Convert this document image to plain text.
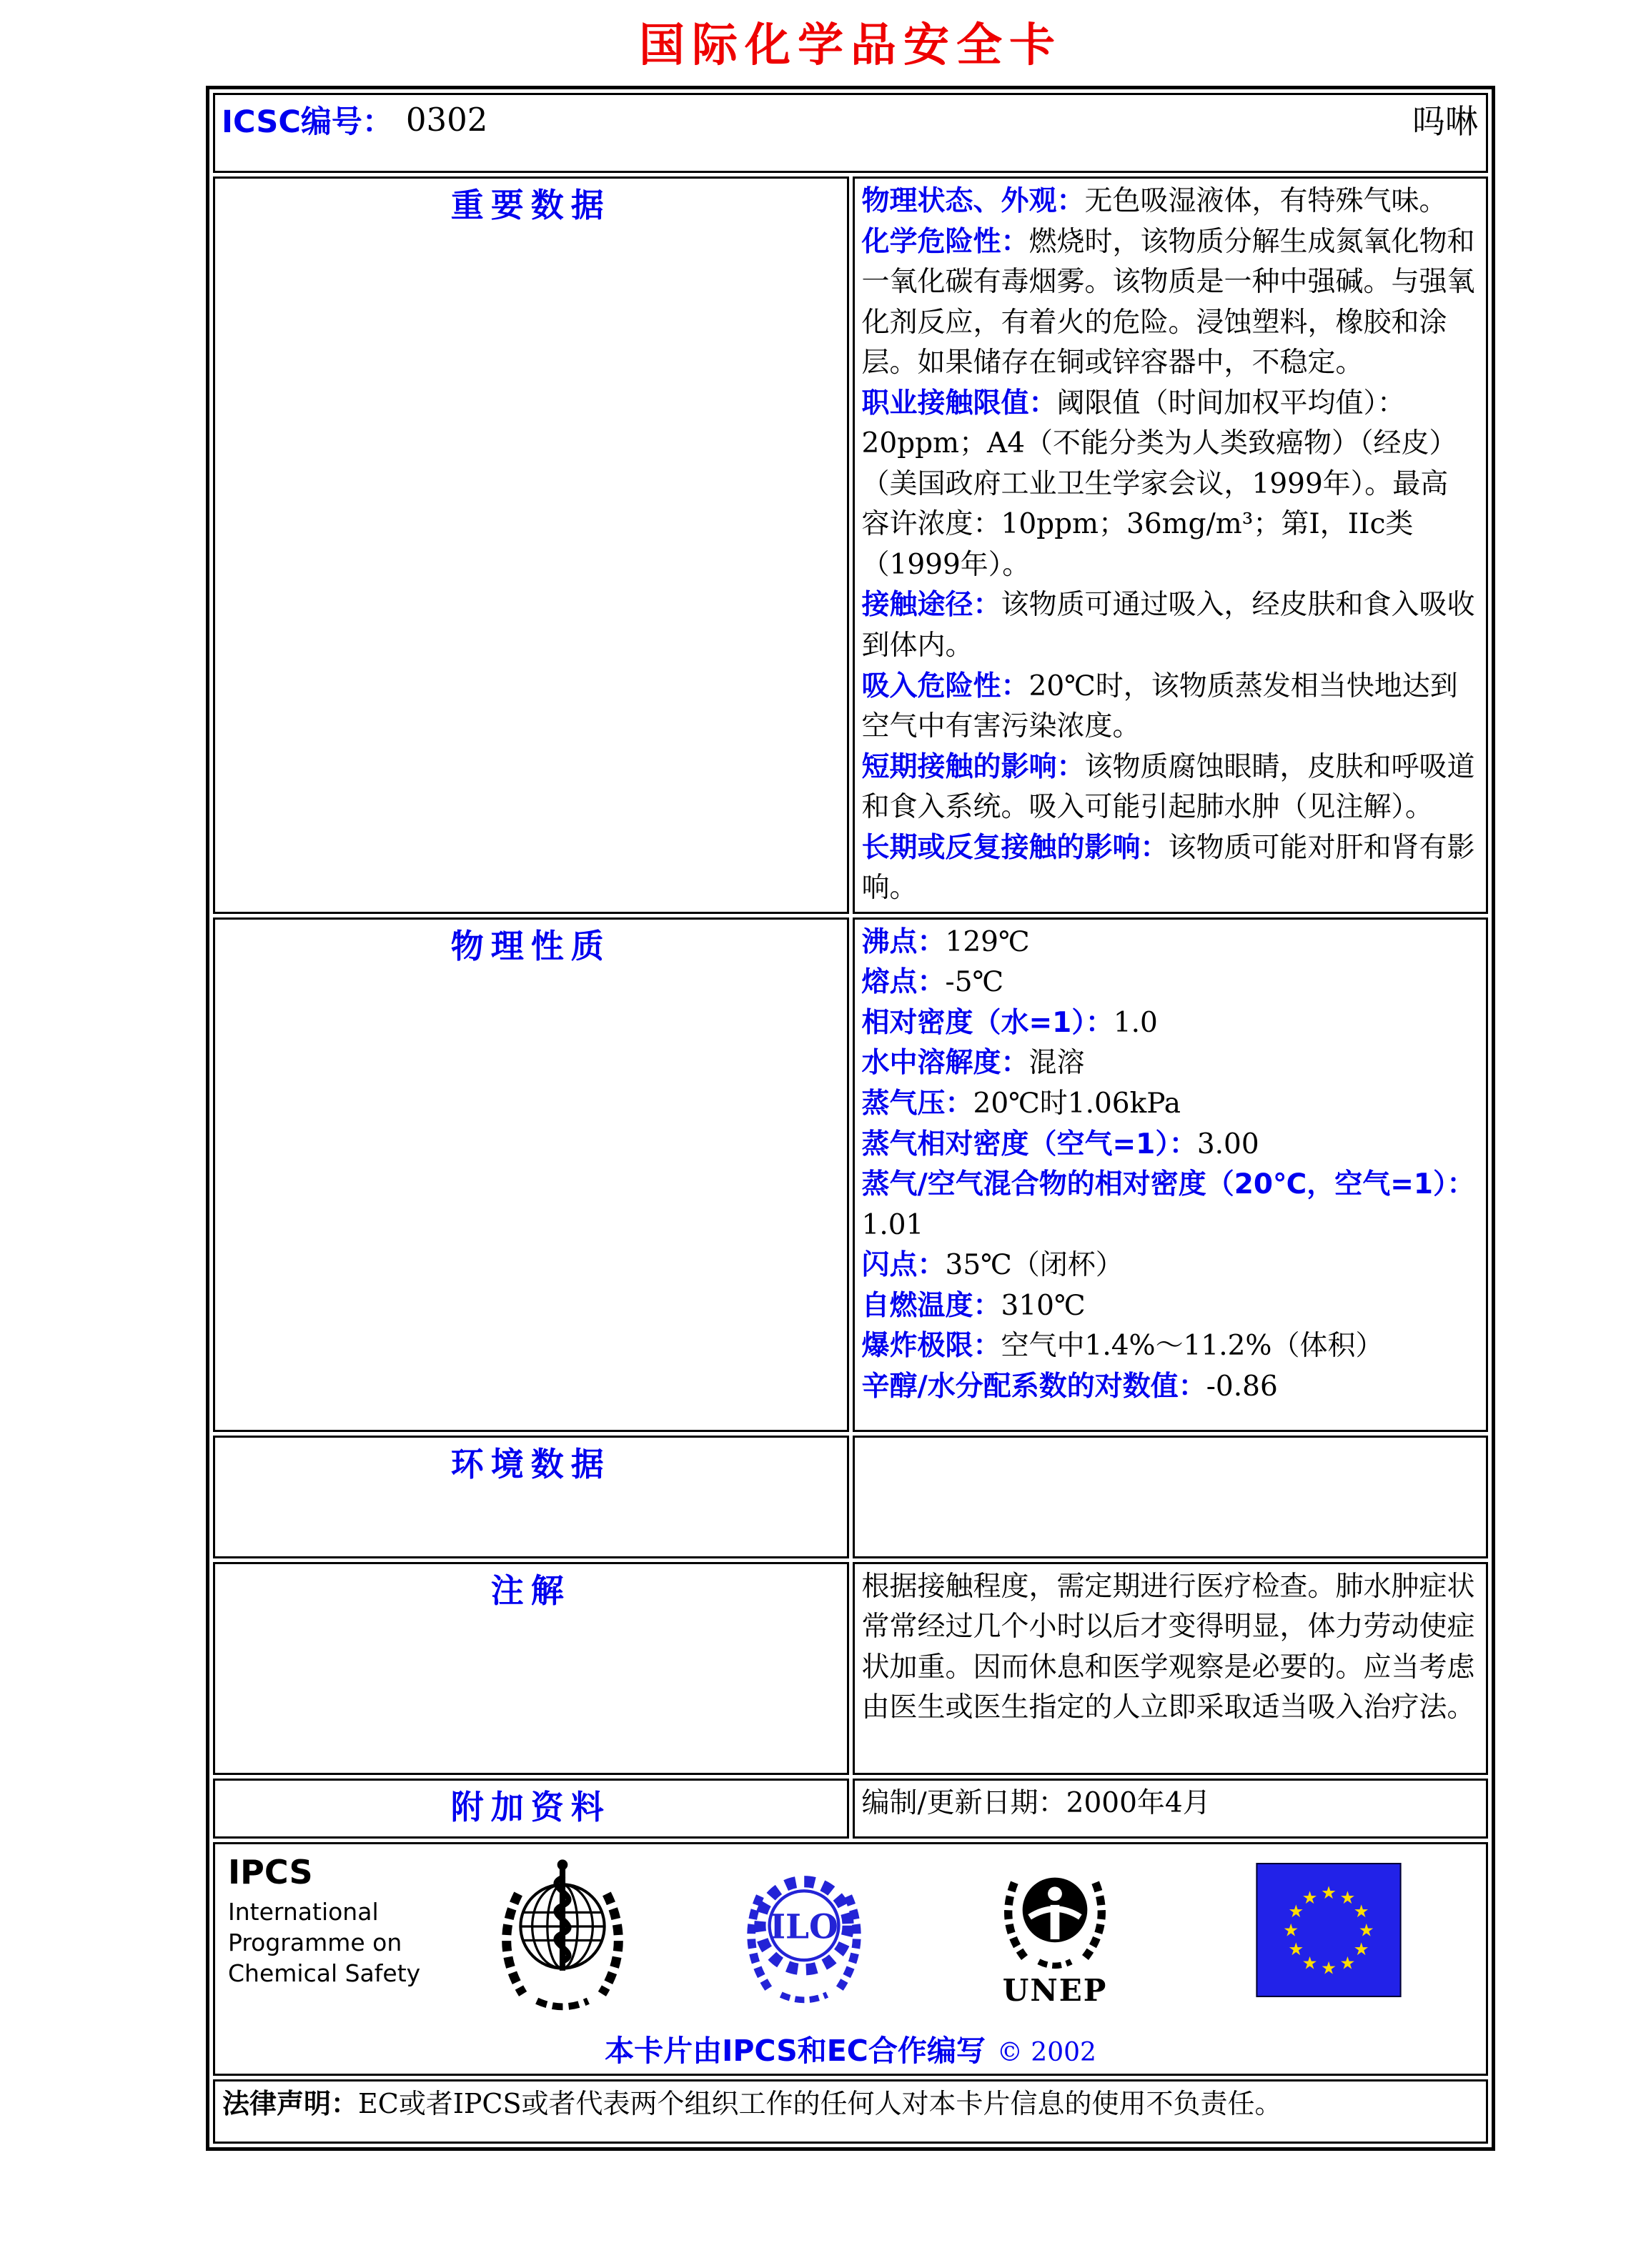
国际化学品安全卡
ICSC编号： 0302 吗啉	

重要数据	物理状态、外观：无色吸湿液体，有特殊气味。
化学危险性：燃烧时，该物质分解生成氮氧化物和一氧化碳有毒烟雾。该物质是一种中强碱。与强氧化剂反应，有着火的危险。浸蚀塑料，橡胶和涂层。如果储存在铜或锌容器中，不稳定。
职业接触限值：阈限值（时间加权平均值）：20ppm；A4（不能分类为人类致癌物）（经皮）（美国政府工业卫生学家会议，1999年）。最高容许浓度：10ppm；36mg/m³；第I，IIc类（1999年）。
接触途径：该物质可通过吸入，经皮肤和食入吸收到体内。
吸入危险性：20℃时，该物质蒸发相当快地达到空气中有害污染浓度。
短期接触的影响：该物质腐蚀眼睛，皮肤和呼吸道和食入系统。吸入可能引起肺水肿（见注解）。
长期或反复接触的影响：该物质可能对肝和肾有影响。

物理性质	沸点：129℃
熔点：-5℃
相对密度（水=1）：1.0
水中溶解度：混溶
蒸气压：20℃时1.06kPa
蒸气相对密度（空气=1）：3.00
蒸气/空气混合物的相对密度（20℃，空气=1）：1.01
闪点：35℃（闭杯）
自燃温度：310℃
爆炸极限：空气中1.4%～11.2%（体积）
辛醇/水分配系数的对数值：-0.86

环境数据	
注解	根据接触程度，需定期进行医疗检查。肺水肿症状常常经过几个小时以后才变得明显，体力劳动使症状加重。因而休息和医学观察是必要的。应当考虑由医生或医生指定的人立即采取适当吸入治疗法。

附加资料	编制/更新日期：2000年4月

IPCS
International
Programme on
Chemical Safety
ILO
UNEP
★ ★
★
★
★
★
★
★
★
★
★
★
本卡片由IPCS和EC合作编写 © 2002

法律声明：EC或者IPCS或者代表两个组织工作的任何人对本卡片信息的使用不负责任。	
